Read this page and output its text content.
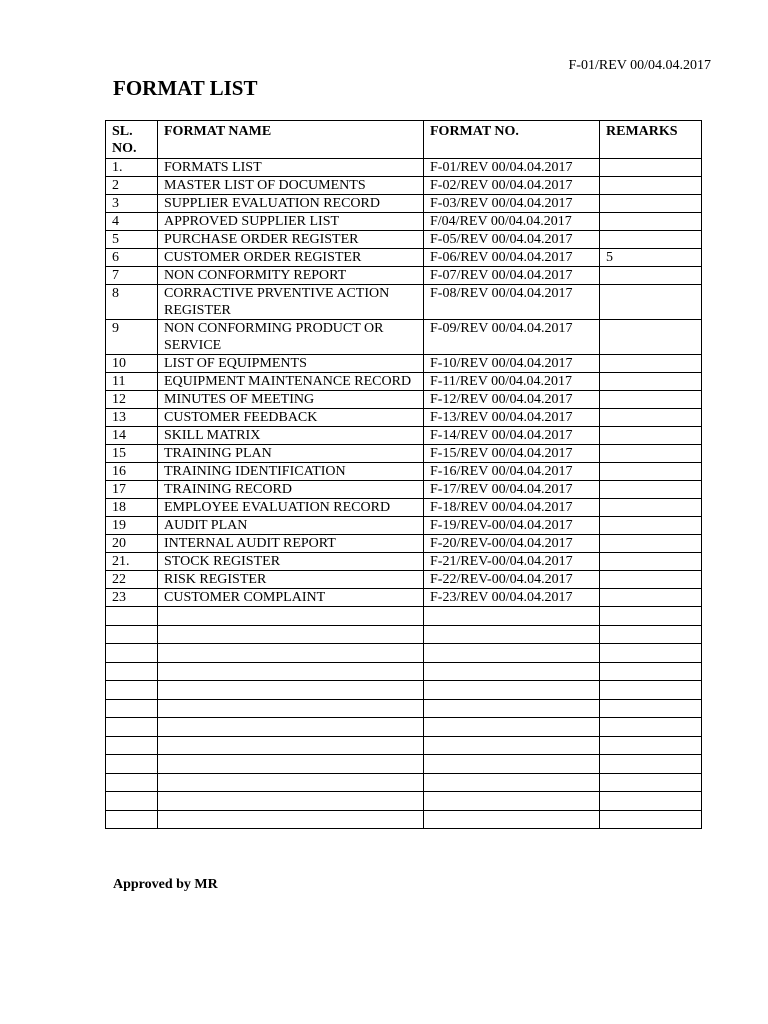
F-01/REV 00/04.04.2017
FORMAT LIST
SL. NO.	FORMAT NAME	FORMAT NO.	REMARKS
1.	FORMATS LIST	F-01/REV 00/04.04.2017	
2	MASTER LIST OF DOCUMENTS	F-02/REV 00/04.04.2017	
3	SUPPLIER EVALUATION RECORD	F-03/REV 00/04.04.2017	
4	APPROVED SUPPLIER LIST	F/04/REV 00/04.04.2017	
5	PURCHASE ORDER REGISTER	F-05/REV 00/04.04.2017	
6	CUSTOMER ORDER REGISTER	F-06/REV 00/04.04.2017	5
7	NON CONFORMITY REPORT	F-07/REV 00/04.04.2017	
8	CORRACTIVE PRVENTIVE ACTION REGISTER	F-08/REV 00/04.04.2017	
9	NON CONFORMING PRODUCT OR SERVICE	F-09/REV 00/04.04.2017	
10	LIST OF EQUIPMENTS	F-10/REV 00/04.04.2017	
11	EQUIPMENT MAINTENANCE RECORD	F-11/REV 00/04.04.2017	
12	MINUTES OF MEETING	F-12/REV 00/04.04.2017	
13	CUSTOMER FEEDBACK	F-13/REV 00/04.04.2017	
14	SKILL MATRIX	F-14/REV 00/04.04.2017	
15	TRAINING PLAN	F-15/REV 00/04.04.2017	
16	TRAINING IDENTIFICATION	F-16/REV 00/04.04.2017	
17	TRAINING RECORD	F-17/REV 00/04.04.2017	
18	EMPLOYEE EVALUATION RECORD	F-18/REV 00/04.04.2017	
19	AUDIT PLAN	F-19/REV-00/04.04.2017	
20	INTERNAL AUDIT REPORT	F-20/REV-00/04.04.2017	
21.	STOCK REGISTER	F-21/REV-00/04.04.2017	
22	RISK REGISTER	F-22/REV-00/04.04.2017	
23	CUSTOMER COMPLAINT	F-23/REV 00/04.04.2017	

Approved by MR
